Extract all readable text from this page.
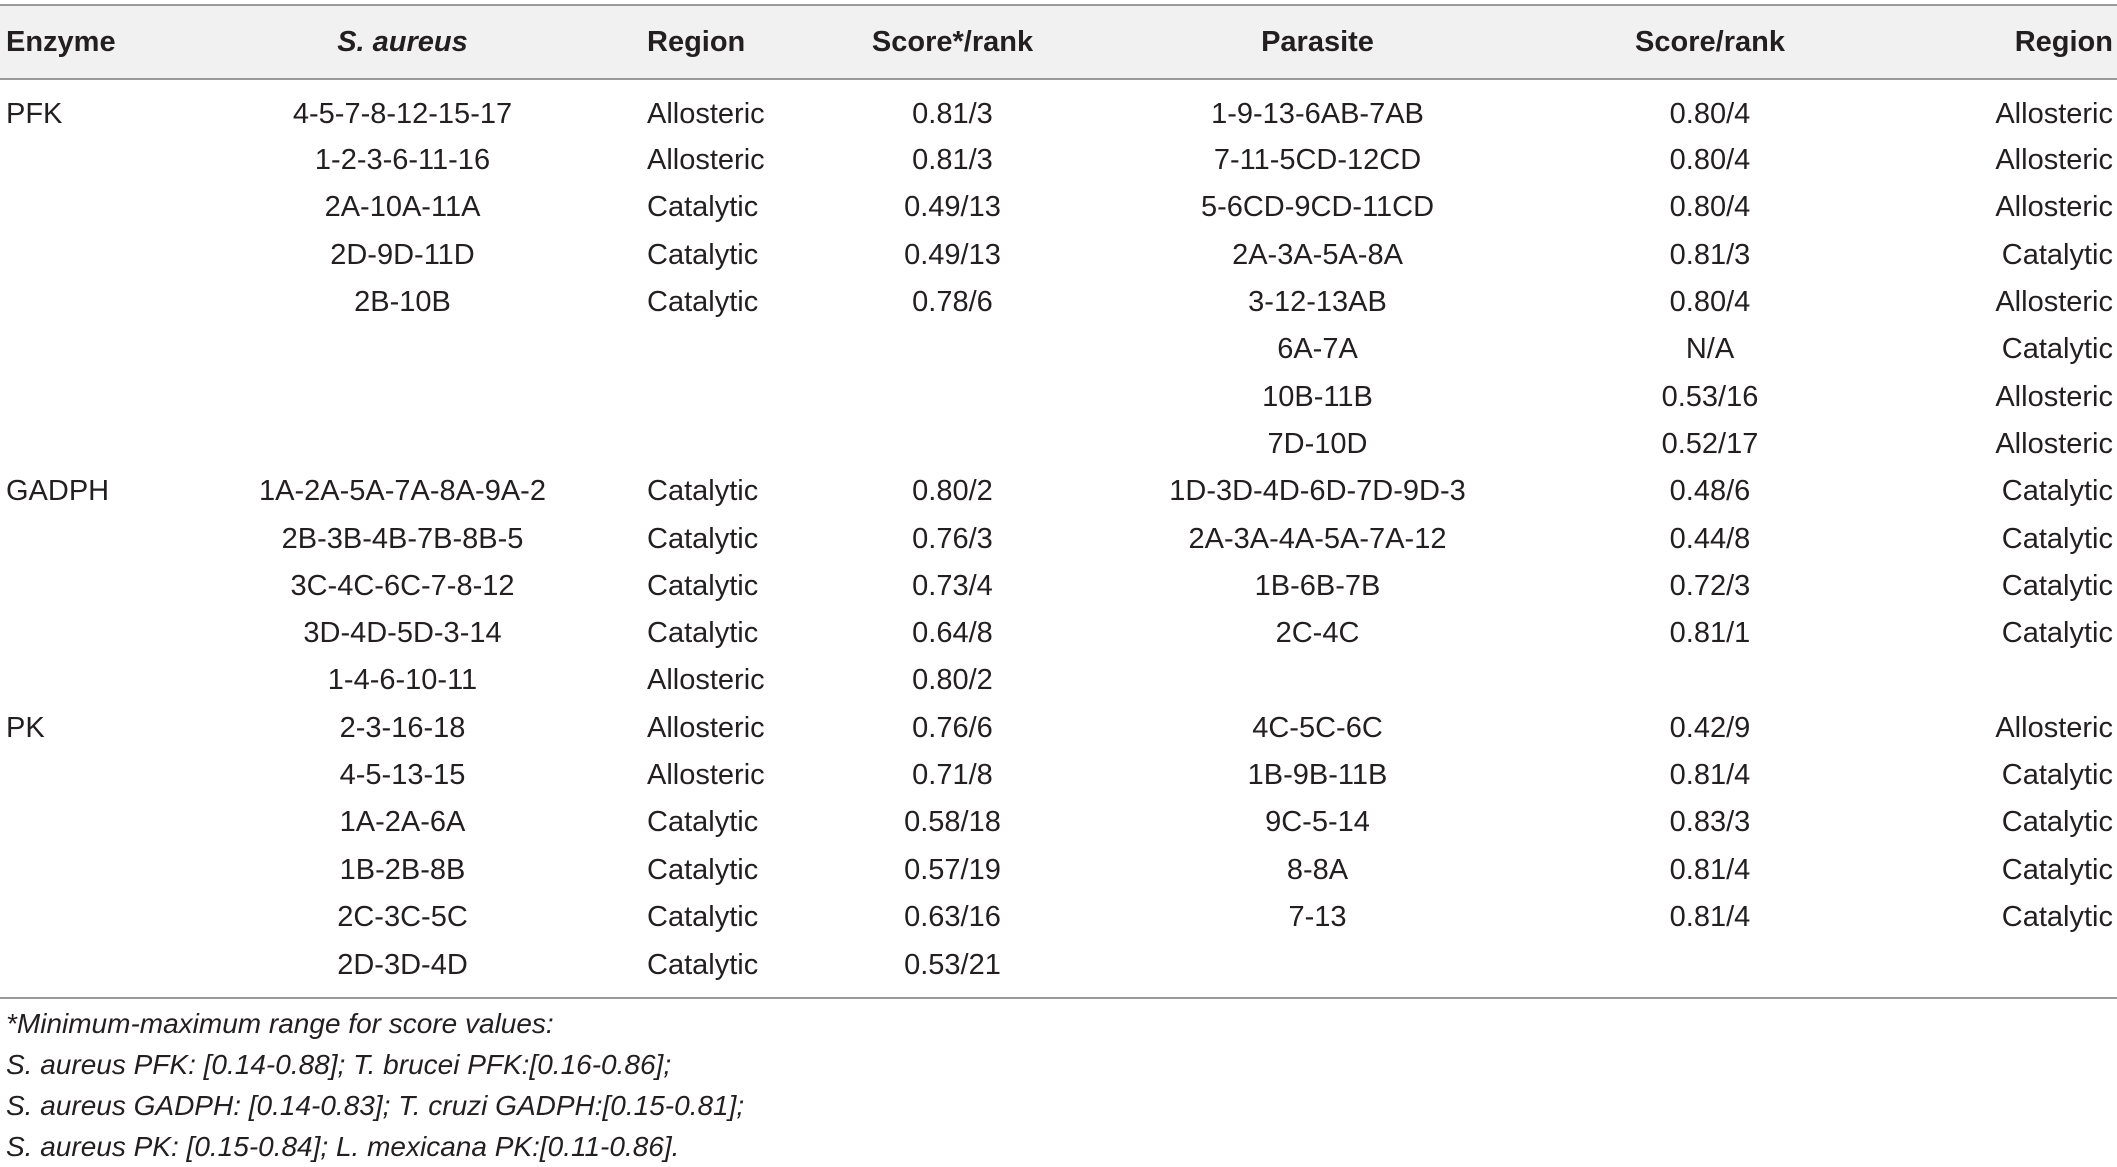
Enzyme	S. aureus	Region	Score*/rank	Parasite	Score/rank	Region
PFK	4-5-7-8-12-15-17	Allosteric	0.81/3	1-9-13-6AB-7AB	0.80/4	Allosteric
	1-2-3-6-11-16	Allosteric	0.81/3	7-11-5CD-12CD	0.80/4	Allosteric
	2A-10A-11A	Catalytic	0.49/13	5-6CD-9CD-11CD	0.80/4	Allosteric
	2D-9D-11D	Catalytic	0.49/13	2A-3A-5A-8A	0.81/3	Catalytic
	2B-10B	Catalytic	0.78/6	3-12-13AB	0.80/4	Allosteric
				6A-7A	N/A	Catalytic
				10B-11B	0.53/16	Allosteric
				7D-10D	0.52/17	Allosteric
GADPH	1A-2A-5A-7A-8A-9A-2	Catalytic	0.80/2	1D-3D-4D-6D-7D-9D-3	0.48/6	Catalytic
	2B-3B-4B-7B-8B-5	Catalytic	0.76/3	2A-3A-4A-5A-7A-12	0.44/8	Catalytic
	3C-4C-6C-7-8-12	Catalytic	0.73/4	1B-6B-7B	0.72/3	Catalytic
	3D-4D-5D-3-14	Catalytic	0.64/8	2C-4C	0.81/1	Catalytic
	1-4-6-10-11	Allosteric	0.80/2			
PK	2-3-16-18	Allosteric	0.76/6	4C-5C-6C	0.42/9	Allosteric
	4-5-13-15	Allosteric	0.71/8	1B-9B-11B	0.81/4	Catalytic
	1A-2A-6A	Catalytic	0.58/18	9C-5-14	0.83/3	Catalytic
	1B-2B-8B	Catalytic	0.57/19	8-8A	0.81/4	Catalytic
	2C-3C-5C	Catalytic	0.63/16	7-13	0.81/4	Catalytic
	2D-3D-4D	Catalytic	0.53/21			
*Minimum-maximum range for score values:
S. aureus PFK: [0.14-0.88]; T. brucei PFK:[0.16-0.86];
S. aureus GADPH: [0.14-0.83]; T. cruzi GADPH:[0.15-0.81];
S. aureus PK: [0.15-0.84]; L. mexicana PK:[0.11-0.86].
